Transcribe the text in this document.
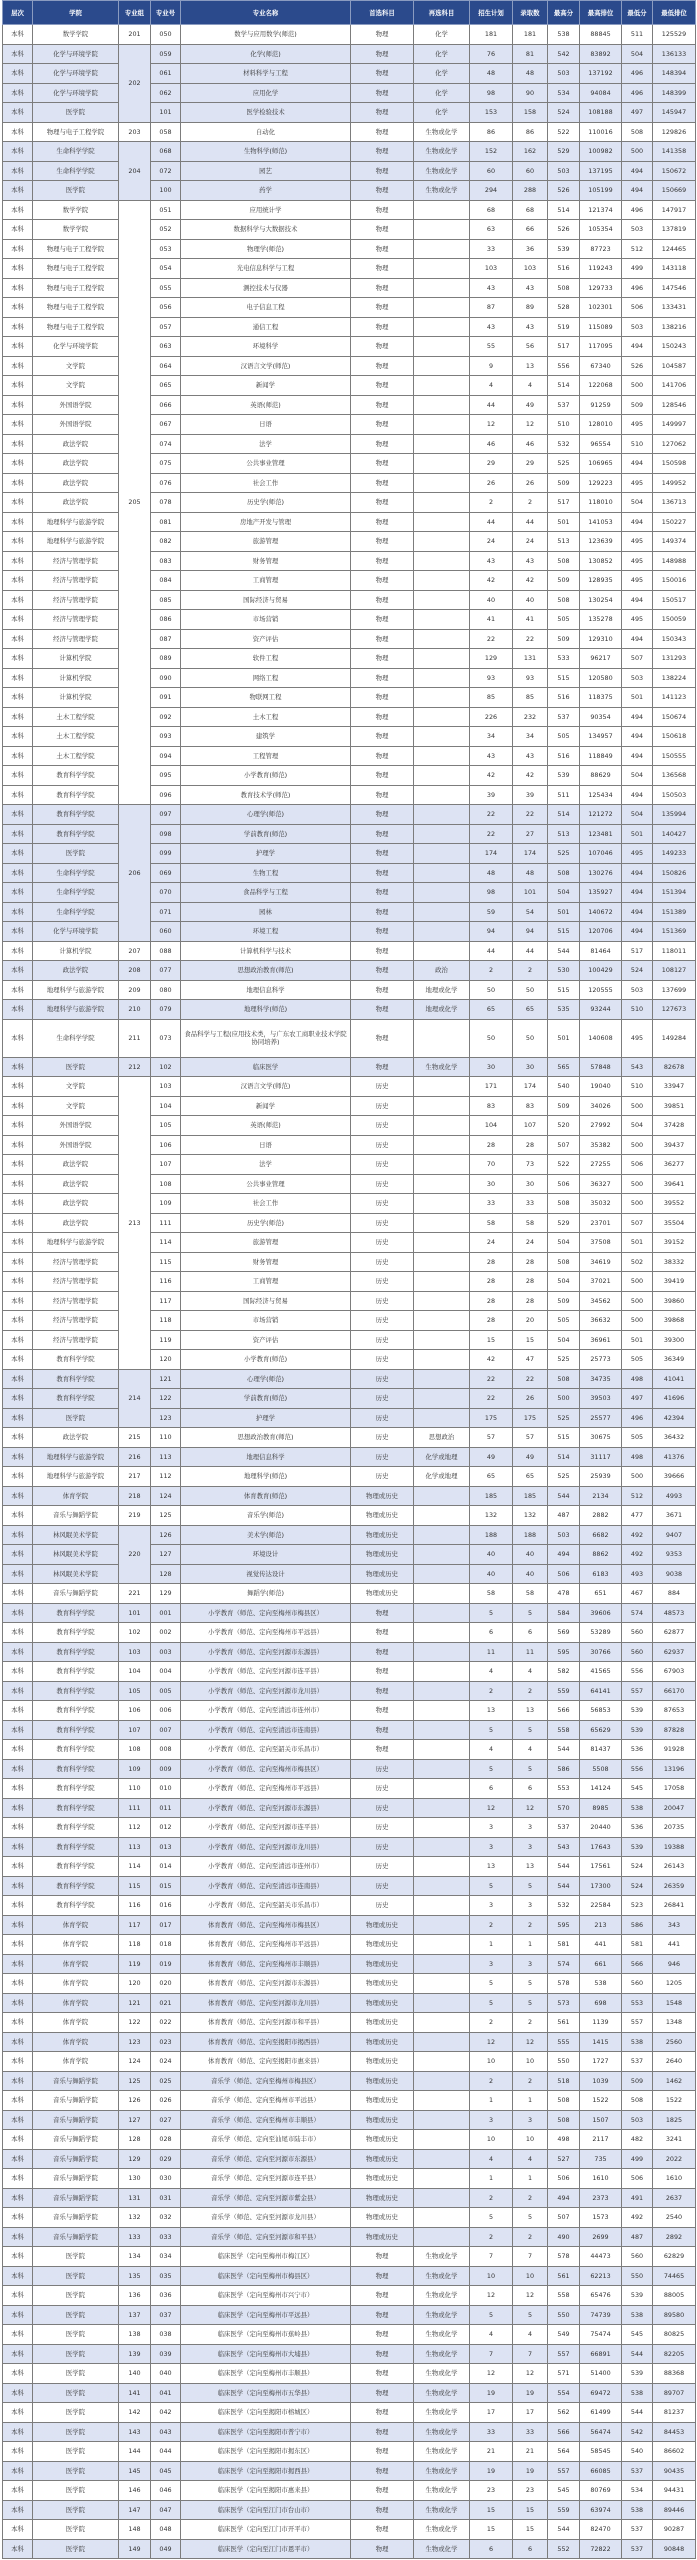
层次	学院	专业组	专业号	专业名称	首选科目	再选科目	招生计划	录取数	最高分	最高排位	最低分	最低排位
本科	数学学院	201	050	数学与应用数学(师范)	物理	化学	181	181	538	88845	511	125529
本科	化学与环境学院	202	059	化学(师范)	物理	化学	76	81	542	83892	504	136133
本科	化学与环境学院		061	材料科学与工程	物理	化学	48	48	503	137192	496	148394
本科	化学与环境学院		062	应用化学	物理	化学	98	90	534	94084	496	148399
本科	医学院		101	医学检验技术	物理	化学	153	158	524	108188	497	145947
本科	物理与电子工程学院	203	058	自动化	物理	生物或化学	86	86	522	110016	508	129826
本科	生命科学学院	204	068	生物科学(师范)	物理	生物或化学	152	162	529	100982	500	141358
本科	生命科学学院		072	园艺	物理	生物或化学	60	60	503	137195	494	150672
本科	医学院		100	药学	物理	生物或化学	294	288	526	105199	494	150669
本科	数学学院	205	051	应用统计学	物理		68	68	514	121374	496	147917
本科	数学学院		052	数据科学与大数据技术	物理		63	66	526	105354	503	137819
本科	物理与电子工程学院		053	物理学(师范)	物理		33	36	539	87723	512	124465
本科	物理与电子工程学院		054	光电信息科学与工程	物理		103	103	516	119243	499	143118
本科	物理与电子工程学院		055	测控技术与仪器	物理		43	43	508	129733	496	147546
本科	物理与电子工程学院		056	电子信息工程	物理		87	89	528	102301	506	133431
本科	物理与电子工程学院		057	通信工程	物理		43	43	519	115089	503	138216
本科	化学与环境学院		063	环境科学	物理		55	56	517	117095	494	150243
本科	文学院		064	汉语言文学(师范)	物理		9	13	556	67340	526	104587
本科	文学院		065	新闻学	物理		4	4	514	122068	500	141706
本科	外国语学院		066	英语(师范)	物理		44	49	537	91259	509	128546
本科	外国语学院		067	日语	物理		12	12	510	128010	495	149997
本科	政法学院		074	法学	物理		46	46	532	96554	510	127062
本科	政法学院		075	公共事业管理	物理		29	29	525	106965	494	150598
本科	政法学院		076	社会工作	物理		26	26	509	129223	495	149952
本科	政法学院		078	历史学(师范)	物理		2	2	517	118010	504	136713
本科	地理科学与旅游学院		081	房地产开发与管理	物理		44	44	501	141053	494	150227
本科	地理科学与旅游学院		082	旅游管理	物理		24	24	513	123639	495	149374
本科	经济与管理学院		083	财务管理	物理		43	43	508	130852	495	148988
本科	经济与管理学院		084	工商管理	物理		42	42	509	128935	495	150016
本科	经济与管理学院		085	国际经济与贸易	物理		40	40	508	130254	494	150517
本科	经济与管理学院		086	市场营销	物理		41	41	505	135278	495	150059
本科	经济与管理学院		087	资产评估	物理		22	22	509	129310	494	150343
本科	计算机学院		089	软件工程	物理		129	131	533	96217	507	131293
本科	计算机学院		090	网络工程	物理		93	93	515	120580	503	138224
本科	计算机学院		091	物联网工程	物理		85	85	516	118375	501	141123
本科	土木工程学院		092	土木工程	物理		226	232	537	90354	494	150674
本科	土木工程学院		093	建筑学	物理		34	34	505	134957	494	150618
本科	土木工程学院		094	工程管理	物理		43	43	516	118849	494	150555
本科	教育科学学院		095	小学教育(师范)	物理		42	42	539	88629	504	136568
本科	教育科学学院		096	教育技术学(师范)	物理		39	39	511	125434	494	150503
本科	教育科学学院	206	097	心理学(师范)	物理		22	22	514	121272	504	135994
本科	教育科学学院		098	学前教育(师范)	物理		22	27	513	123481	501	140427
本科	医学院		099	护理学	物理		174	174	525	107046	495	149233
本科	生命科学学院		069	生物工程	物理		48	48	508	130276	494	150826
本科	生命科学学院		070	食品科学与工程	物理		98	101	504	135927	494	151394
本科	生命科学学院		071	园林	物理		59	54	501	140672	494	151389
本科	化学与环境学院		060	环境工程	物理		94	94	515	120706	494	151369
本科	计算机学院	207	088	计算机科学与技术	物理		44	44	544	81464	517	118011
本科	政法学院	208	077	思想政治教育(师范)	物理	政治	2	2	530	100429	524	108127
本科	地理科学与旅游学院	209	080	地理信息科学	物理	地理或化学	50	50	515	120555	503	137699
本科	地理科学与旅游学院	210	079	地理科学(师范)	物理	地理或化学	65	65	535	93244	510	127673
本科	生命科学学院	211	073	食品科学与工程(应用技术类，与广东农工商职业技术学院协同培养)	物理		50	50	501	140608	495	149284
本科	医学院	212	102	临床医学	物理	生物或化学	30	30	565	57848	543	82678
本科	文学院	213	103	汉语言文学(师范)	历史		171	174	540	19040	510	33947
本科	文学院		104	新闻学	历史		83	83	509	34026	500	39851
本科	外国语学院		105	英语(师范)	历史		104	107	520	27992	504	37428
本科	外国语学院		106	日语	历史		28	28	507	35382	500	39437
本科	政法学院		107	法学	历史		70	73	522	27255	506	36277
本科	政法学院		108	公共事业管理	历史		30	30	506	36327	500	39641
本科	政法学院		109	社会工作	历史		33	33	508	35032	500	39552
本科	政法学院		111	历史学(师范)	历史		58	58	529	23701	507	35504
本科	地理科学与旅游学院		114	旅游管理	历史		24	24	504	37508	501	39152
本科	经济与管理学院		115	财务管理	历史		28	28	508	34619	502	38332
本科	经济与管理学院		116	工商管理	历史		28	28	504	37021	500	39419
本科	经济与管理学院		117	国际经济与贸易	历史		28	28	509	34562	500	39860
本科	经济与管理学院		118	市场营销	历史		28	20	505	36632	500	39868
本科	经济与管理学院		119	资产评估	历史		15	15	504	36961	501	39300
本科	教育科学学院		120	小学教育(师范)	历史		42	47	525	25773	505	36349
本科	教育科学学院	214	121	心理学(师范)	历史		22	22	508	34735	498	41041
本科	教育科学学院		122	学前教育(师范)	历史		22	26	500	39503	497	41696
本科	医学院		123	护理学	历史		175	175	525	25577	496	42394
本科	政法学院	215	110	思想政治教育(师范)	历史	思想政治	57	57	515	30675	505	36432
本科	地理科学与旅游学院	216	113	地理信息科学	历史	化学或地理	49	49	514	31117	498	41376
本科	地理科学与旅游学院	217	112	地理科学(师范)	历史	化学或地理	65	65	525	25939	500	39666
本科	体育学院	218	124	体育教育(师范)	物理或历史		185	185	544	2134	512	4993
本科	音乐与舞蹈学院	219	125	音乐学(师范)	物理或历史		132	132	487	2882	477	3671
本科	林风眠美术学院	220	126	美术学(师范)	物理或历史		188	188	503	6682	492	9407
本科	林风眠美术学院		127	环境设计	物理或历史		40	40	494	8862	492	9353
本科	林风眠美术学院		128	视觉传达设计	物理或历史		40	40	506	6183	493	9038
本科	音乐与舞蹈学院	221	129	舞蹈学(师范)	物理或历史		58	58	478	651	467	884
本科	教育科学学院	101	001	小学教育（师范、定向至梅州市梅县区）	物理		5	5	584	39606	574	48573
本科	教育科学学院	102	002	小学教育（师范、定向至梅州市平远县）	物理		6	6	569	53289	560	62877
本科	教育科学学院	103	003	小学教育（师范、定向至河源市东源县）	物理		11	11	595	30766	560	62937
本科	教育科学学院	104	004	小学教育（师范、定向至河源市连平县）	物理		4	4	582	41565	556	67903
本科	教育科学学院	105	005	小学教育（师范、定向至河源市龙川县）	物理		2	2	559	64141	557	66170
本科	教育科学学院	106	006	小学教育（师范、定向至清远市连州市）	物理		13	13	566	56853	539	87653
本科	教育科学学院	107	007	小学教育（师范、定向至清远市连南县）	物理		5	5	558	65629	539	87828
本科	教育科学学院	108	008	小学教育（师范、定向至韶关市乐昌市）	物理		4	4	544	81437	536	91928
本科	教育科学学院	109	009	小学教育（师范、定向至梅州市梅县区）	历史		5	5	586	5508	556	13196
本科	教育科学学院	110	010	小学教育（师范、定向至梅州市平远县）	历史		6	6	553	14124	545	17058
本科	教育科学学院	111	011	小学教育（师范、定向至河源市东源县）	历史		12	12	570	8985	538	20047
本科	教育科学学院	112	012	小学教育（师范、定向至河源市连平县）	历史		3	3	537	20440	536	20735
本科	教育科学学院	113	013	小学教育（师范、定向至河源市龙川县）	历史		3	3	543	17643	539	19388
本科	教育科学学院	114	014	小学教育（师范、定向至清远市连州市）	历史		13	13	544	17561	524	26143
本科	教育科学学院	115	015	小学教育（师范、定向至清远市连南县）	历史		5	5	544	17300	524	26359
本科	教育科学学院	116	016	小学教育（师范、定向至韶关市乐昌市）	历史		3	3	532	22584	523	26841
本科	体育学院	117	017	体育教育（师范、定向至梅州市梅县区）	物理或历史		2	2	595	213	586	343
本科	体育学院	118	018	体育教育（师范、定向至梅州市平远县）	物理或历史		1	1	581	441	581	441
本科	体育学院	119	019	体育教育（师范、定向至梅州市丰顺县）	物理或历史		3	3	574	661	566	946
本科	体育学院	120	020	体育教育（师范、定向至河源市东源县）	物理或历史		5	5	578	538	560	1205
本科	体育学院	121	021	体育教育（师范、定向至河源市龙川县）	物理或历史		5	5	573	698	553	1548
本科	体育学院	122	022	体育教育（师范、定向至河源市和平县）	物理或历史		2	2	561	1139	557	1348
本科	体育学院	123	023	体育教育（师范、定向至揭阳市揭西县）	物理或历史		12	12	555	1415	538	2560
本科	体育学院	124	024	体育教育（师范、定向至揭阳市惠来县）	物理或历史		10	10	550	1727	537	2640
本科	音乐与舞蹈学院	125	025	音乐学（师范、定向至梅州市梅县区）	物理或历史		2	2	518	1039	509	1462
本科	音乐与舞蹈学院	126	026	音乐学（师范、定向至梅州市平远县）	物理或历史		1	1	508	1522	508	1522
本科	音乐与舞蹈学院	127	027	音乐学（师范、定向至梅州市丰顺县）	物理或历史		3	3	508	1507	503	1825
本科	音乐与舞蹈学院	128	028	音乐学（师范、定向至汕尾市陆丰市）	物理或历史		10	10	498	2117	482	3241
本科	音乐与舞蹈学院	129	029	音乐学（师范、定向至河源市东源县）	物理或历史		4	4	527	735	499	2022
本科	音乐与舞蹈学院	130	030	音乐学（师范、定向至河源市连平县）	物理或历史		1	1	506	1610	506	1610
本科	音乐与舞蹈学院	131	031	音乐学（师范、定向至河源市紫金县）	物理或历史		2	2	494	2373	491	2637
本科	音乐与舞蹈学院	132	032	音乐学（师范、定向至河源市龙川县）	物理或历史		5	5	507	1573	492	2540
本科	音乐与舞蹈学院	133	033	音乐学（师范、定向至河源市和平县）	物理或历史		2	2	490	2699	487	2892
本科	医学院	134	034	临床医学（定向至梅州市梅江区）	物理	生物或化学	7	7	578	44473	560	62829
本科	医学院	135	035	临床医学（定向至梅州市梅县区）	物理	生物或化学	10	10	561	62213	550	74465
本科	医学院	136	036	临床医学（定向至梅州市兴宁市）	物理	生物或化学	12	12	558	65476	539	88005
本科	医学院	137	037	临床医学（定向至梅州市平远县）	物理	生物或化学	5	5	550	74739	538	89580
本科	医学院	138	038	临床医学（定向至梅州市蕉岭县）	物理	生物或化学	4	4	549	75474	545	80825
本科	医学院	139	039	临床医学（定向至梅州市大埔县）	物理	生物或化学	7	7	557	66891	544	82205
本科	医学院	140	040	临床医学（定向至梅州市丰顺县）	物理	生物或化学	12	12	571	51400	539	88368
本科	医学院	141	041	临床医学（定向至梅州市五华县）	物理	生物或化学	19	19	554	69472	538	89707
本科	医学院	142	042	临床医学（定向至揭阳市榕城区）	物理	生物或化学	17	17	562	61499	544	81237
本科	医学院	143	043	临床医学（定向至揭阳市普宁市）	物理	生物或化学	33	33	566	56474	542	84453
本科	医学院	144	044	临床医学（定向至揭阳市揭东区）	物理	生物或化学	21	21	564	58545	540	86602
本科	医学院	145	045	临床医学（定向至揭阳市揭西县）	物理	生物或化学	19	19	557	66085	537	90435
本科	医学院	146	046	临床医学（定向至揭阳市惠来县）	物理	生物或化学	23	23	545	80769	534	94431
本科	医学院	147	047	临床医学（定向至江门市台山市）	物理	生物或化学	15	15	559	63974	538	89446
本科	医学院	148	048	临床医学（定向至江门市开平市）	物理	生物或化学	15	15	544	82470	537	90287
本科	医学院	149	049	临床医学（定向至江门市恩平市）	物理	生物或化学	6	6	552	72822	537	90848
